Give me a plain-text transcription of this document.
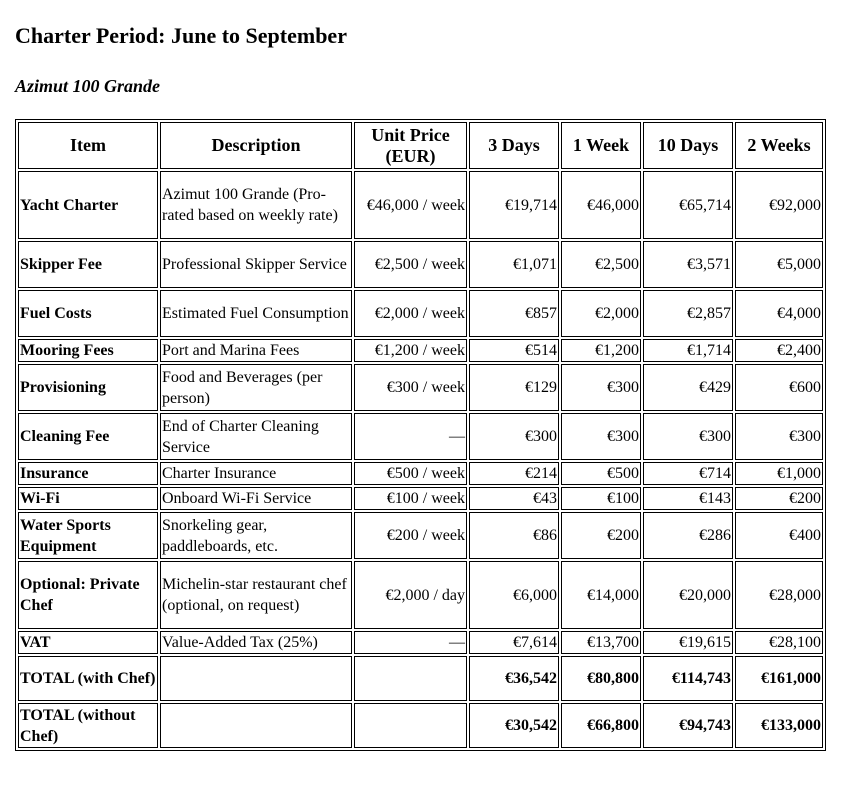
Charter Period: June to September
Azimut 100 Grande
Item	Description	Unit Price (EUR)	3 Days	1 Week	10 Days	2 Weeks
Yacht Charter	Azimut 100 Grande (Pro-rated based on weekly rate)	€46,000 / week	€19,714	€46,000	€65,714	€92,000
Skipper Fee	Professional Skipper Service	€2,500 / week	€1,071	€2,500	€3,571	€5,000
Fuel Costs	Estimated Fuel Consumption	€2,000 / week	€857	€2,000	€2,857	€4,000
Mooring Fees	Port and Marina Fees	€1,200 / week	€514	€1,200	€1,714	€2,400
Provisioning	Food and Beverages (per person)	€300 / week	€129	€300	€429	€600
Cleaning Fee	End of Charter Cleaning Service	—	€300	€300	€300	€300
Insurance	Charter Insurance	€500 / week	€214	€500	€714	€1,000
Wi-Fi	Onboard Wi-Fi Service	€100 / week	€43	€100	€143	€200
Water Sports Equipment	Snorkeling gear, paddleboards, etc.	€200 / week	€86	€200	€286	€400
Optional: Private Chef	Michelin-star restaurant chef (optional, on request)	€2,000 / day	€6,000	€14,000	€20,000	€28,000
VAT	Value-Added Tax (25%)	—	€7,614	€13,700	€19,615	€28,100
TOTAL (with Chef)			€36,542	€80,800	€114,743	€161,000
TOTAL (without Chef)			€30,542	€66,800	€94,743	€133,000
